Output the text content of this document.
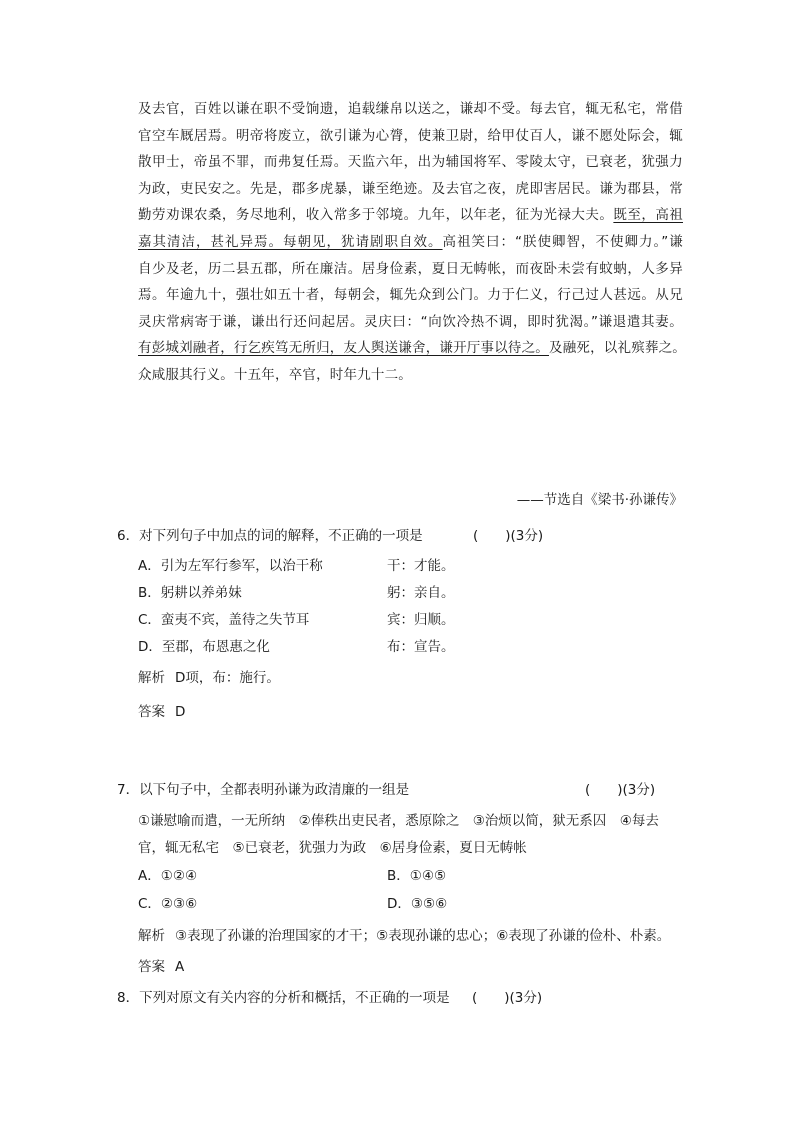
及去官，百姓以谦在职不受饷遗，追载缣帛以送之，谦却不受。每去官，辄无私宅，常借
官空车厩居焉。明帝将废立，欲引谦为心膂，使兼卫尉，给甲仗百人，谦不愿处际会，辄
散甲士，帝虽不罪，而弗复任焉。天监六年，出为辅国将军、零陵太守，已衰老，犹强力
为政，吏民安之。先是，郡多虎暴，谦至绝迹。及去官之夜，虎即害居民。谦为郡县，常
勤劳劝课农桑，务尽地利，收入常多于邻境。九年，以年老，征为光禄大夫。既至，高祖
嘉其清洁，甚礼异焉。每朝见，犹请剧职自效。高祖笑曰：“朕使卿智，不使卿力。”谦
自少及老，历二县五郡，所在廉洁。居身俭素，夏日无帱帐，而夜卧未尝有蚊蚋，人多异
焉。年逾九十，强壮如五十者，每朝会，辄先众到公门。力于仁义，行己过人甚远。从兄
灵庆常病寄于谦，谦出行还问起居。灵庆曰：“向饮冷热不调，即时犹渴。”谦退遣其妻。
有彭城刘融者，行乞疾笃无所归，友人舆送谦舍，谦开厅事以待之。及融死，以礼殡葬之。
众咸服其行义。十五年，卒官，时年九十二。
——节选自《梁书·孙谦传》
6．对下列句子中加点的词的解释，不正确的一项是	(　　)(3分)
A．引为左军行参军，以治干称	干：才能。
B．躬耕以养弟妹	躬：亲自。
C．蛮夷不宾，盖待之失节耳	宾：归顺。
D．至郡，布恩惠之化	布：宣告。
解析 D项，布：施行。
答案 D
7．以下句子中，全都表明孙谦为政清廉的一组是	(　　)(3分)
①谦慰喻而遣，一无所纳　②俸秩出吏民者，悉原除之　③治烦以简，狱无系囚　④每去
官，辄无私宅　⑤已衰老，犹强力为政　⑥居身俭素，夏日无帱帐
A．①②④	B．①④⑤
C．②③⑥	D．③⑤⑥
解析 ③表现了孙谦的治理国家的才干；⑤表现孙谦的忠心；⑥表现了孙谦的俭朴、朴素。
答案 A
8．下列对原文有关内容的分析和概括，不正确的一项是 (　　)(3分)
